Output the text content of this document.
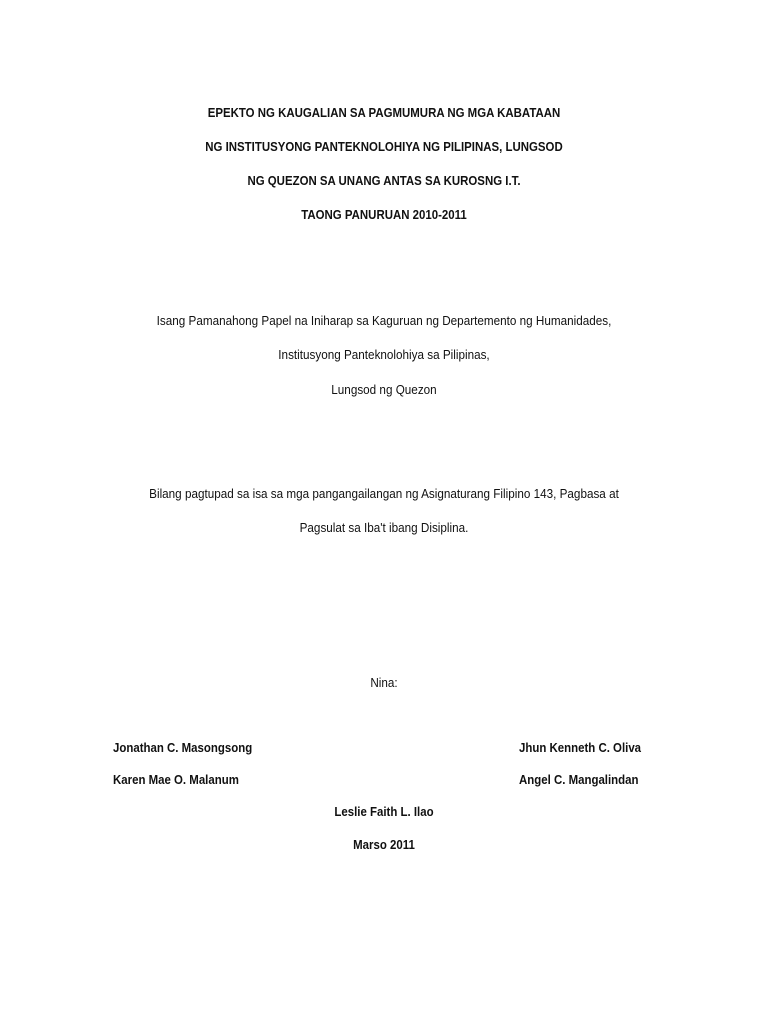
EPEKTO NG KAUGALIAN SA PAGMUMURA NG MGA KABATAAN
NG INSTITUSYONG PANTEKNOLOHIYA NG PILIPINAS, LUNGSOD
NG QUEZON SA UNANG ANTAS SA KUROSNG I.T.
TAONG PANURUAN 2010-2011
Isang Pamanahong Papel na Iniharap sa Kaguruan ng Departemento ng Humanidades,
Institusyong Panteknolohiya sa Pilipinas,
Lungsod ng Quezon
Bilang pagtupad sa isa sa mga pangangailangan ng Asignaturang Filipino 143, Pagbasa at
Pagsulat sa Iba't ibang Disiplina.
Nina:
Jonathan C. Masongsong
Karen Mae O. Malanum
Jhun Kenneth C. Oliva
Angel C. Mangalindan
Leslie Faith L. Ilao
Marso 2011
